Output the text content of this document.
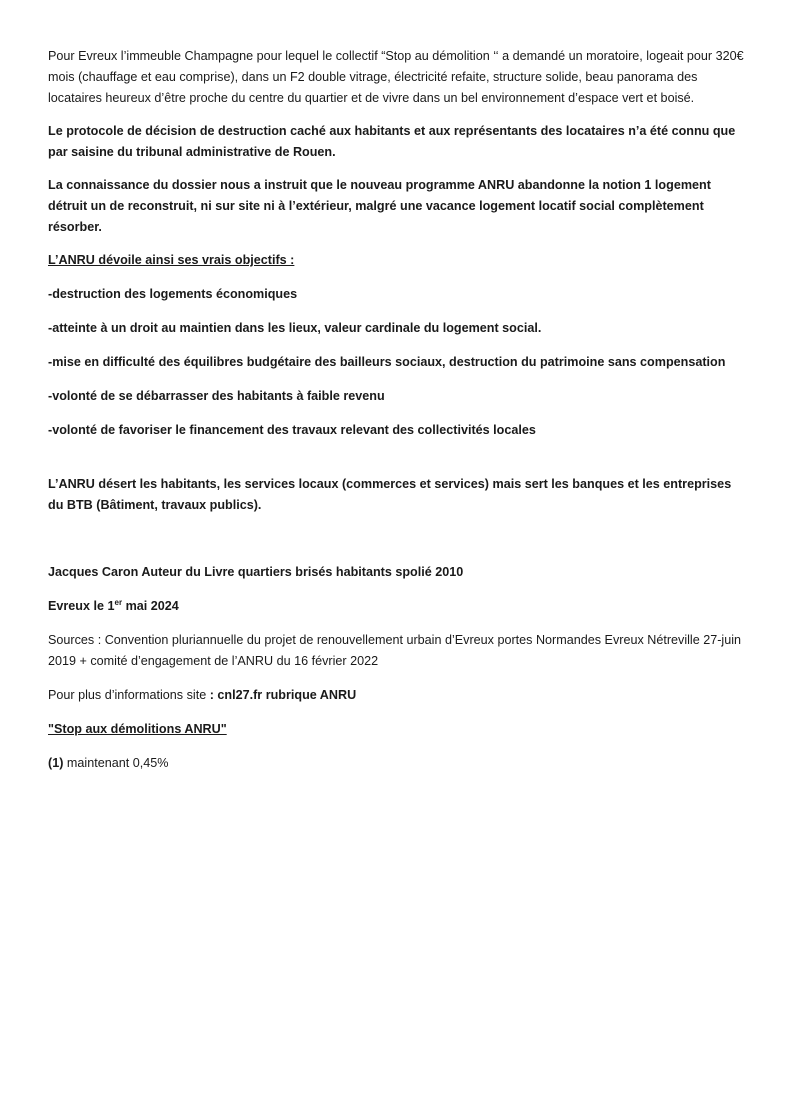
Pour Evreux l’immeuble Champagne pour lequel le collectif “Stop au démolition ‘‘ a demandé un moratoire, logeait pour 320€ mois (chauffage et eau comprise), dans un F2 double vitrage, électricité refaite, structure solide, beau panorama des locataires heureux d’être proche du centre du quartier et de vivre dans un bel environnement d’espace vert et boisé.

Le protocole de décision de destruction caché aux habitants et aux représentants des locataires n’a été connu que par saisine du tribunal administrative de Rouen.

La connaissance du dossier nous a instruit que le nouveau programme ANRU abandonne la notion 1 logement détruit un de reconstruit, ni sur site ni à l’extérieur, malgré une vacance logement locatif social complètement résorber.

L’ANRU dévoile ainsi ses vrais objectifs :

-destruction des logements économiques

-atteinte à un droit au maintien dans les lieux, valeur cardinale du logement social.

-mise en difficulté des équilibres budgétaire des bailleurs sociaux, destruction du patrimoine sans compensation

-volonté de se débarrasser des habitants à faible revenu

-volonté de favoriser le financement des travaux relevant des collectivités locales

L’ANRU désert les habitants, les services locaux (commerces et services) mais sert les banques et les entreprises du BTB (Bâtiment, travaux publics).

Jacques Caron Auteur du Livre quartiers brisés habitants spolié 2010

Evreux le 1er mai 2024

Sources : Convention pluriannuelle du projet de renouvellement urbain d’Evreux portes Normandes Evreux Nétreville 27-juin 2019 + comité d’engagement de l’ANRU du 16 février 2022

Pour plus d’informations site : cnl27.fr rubrique ANRU

"Stop aux démolitions ANRU"

(1) maintenant 0,45%
